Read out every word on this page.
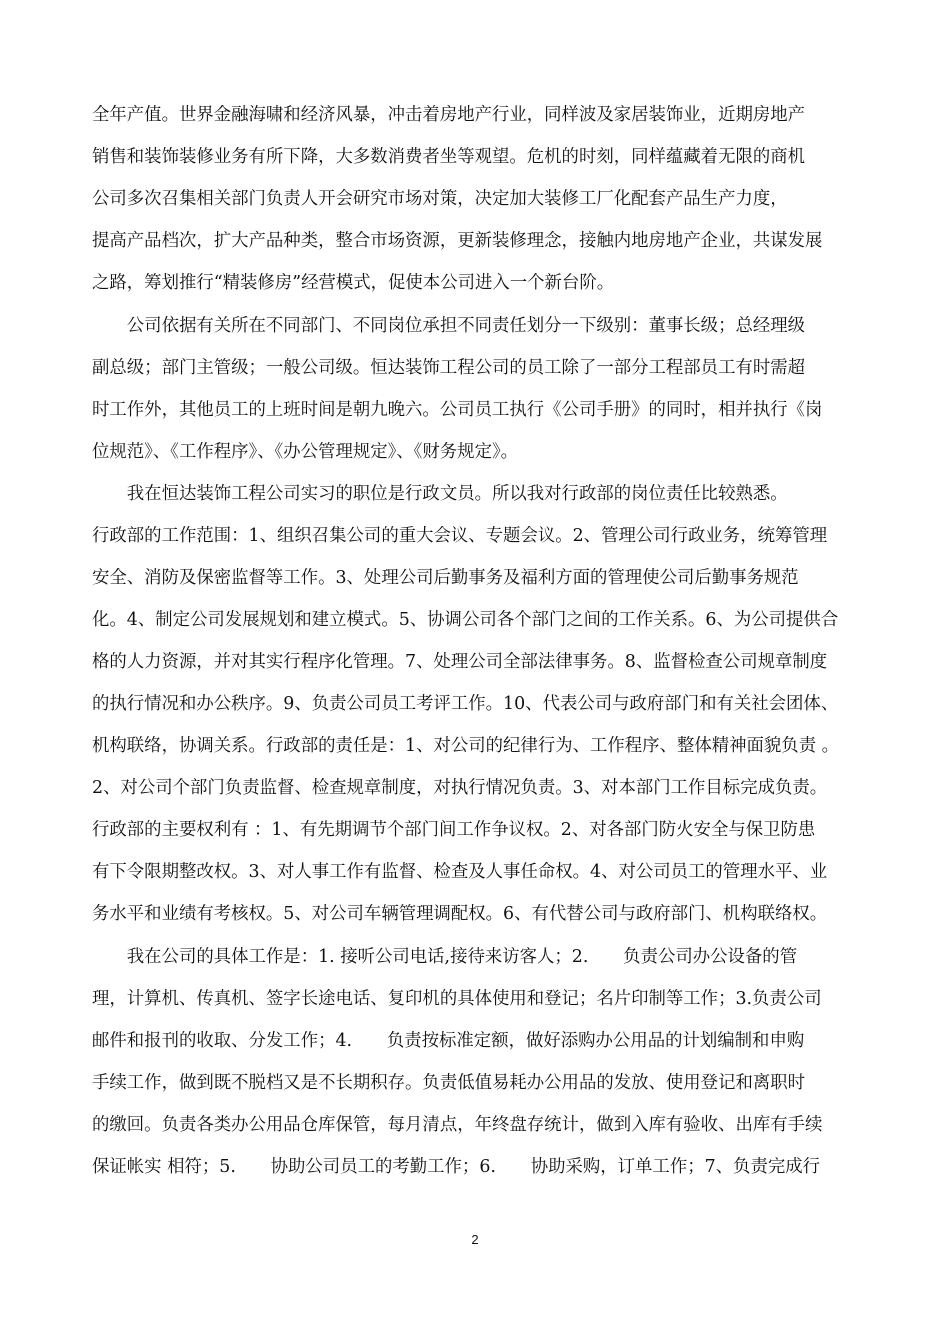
全年产值。世界金融海啸和经济风暴，冲击着房地产行业，同样波及家居装饰业，近期房地产
销售和装饰装修业务有所下降，大多数消费者坐等观望。危机的时刻，同样蕴藏着无限的商机
公司多次召集相关部门负责人开会研究市场对策，决定加大装修工厂化配套产品生产力度，
提高产品档次，扩大产品种类，整合市场资源，更新装修理念，接触内地房地产企业，共谋发展
之路，筹划推行“精装修房”经营模式，促使本公司进入一个新台阶。
　　公司依据有关所在不同部门、不同岗位承担不同责任划分一下级别：董事长级；总经理级
副总级；部门主管级；一般公司级。恒达装饰工程公司的员工除了一部分工程部员工有时需超
时工作外，其他员工的上班时间是朝九晚六。公司员工执行《公司手册》的同时，相并执行《岗
位规范》、《工作程序》、《办公管理规定》、《财务规定》。
　　我在恒达装饰工程公司实习的职位是行政文员。所以我对行政部的岗位责任比较熟悉。
行政部的工作范围：1、组织召集公司的重大会议、专题会议。2、管理公司行政业务，统筹管理
安全、消防及保密监督等工作。3、处理公司后勤事务及福利方面的管理使公司后勤事务规范
化。4、制定公司发展规划和建立模式。5、协调公司各个部门之间的工作关系。6、为公司提供合
格的人力资源，并对其实行程序化管理。7、处理公司全部法律事务。8、监督检查公司规章制度
的执行情况和办公秩序。9、负责公司员工考评工作。10、代表公司与政府部门和有关社会团体、
机构联络，协调关系。行政部的责任是：1、对公司的纪律行为、工作程序、整体精神面貌负责 。
2、对公司个部门负责监督、检查规章制度，对执行情况负责。3、对本部门工作目标完成负责。
行政部的主要权利有 ：1、有先期调节个部门间工作争议权。2、对各部门防火安全与保卫防患
有下令限期整改权。3、对人事工作有监督、检查及人事任命权。4、对公司员工的管理水平、业
务水平和业绩有考核权。5、对公司车辆管理调配权。6、有代替公司与政府部门、机构联络权。
　　我在公司的具体工作是：1. 接听公司电话,接待来访客人；2.　　负责公司办公设备的管
理，计算机、传真机、签字长途电话、复印机的具体使用和登记；名片印制等工作；3.负责公司
邮件和报刊的收取、分发工作；4.　　负责按标准定额，做好添购办公用品的计划编制和申购
手续工作，做到既不脱档又是不长期积存。负责低值易耗办公用品的发放、使用登记和离职时
的缴回。负责各类办公用品仓库保管，每月清点，年终盘存统计，做到入库有验收、出库有手续
保证帐实 相符；5.　　协助公司员工的考勤工作；6.　　协助采购，订单工作；7、负责完成行
2
